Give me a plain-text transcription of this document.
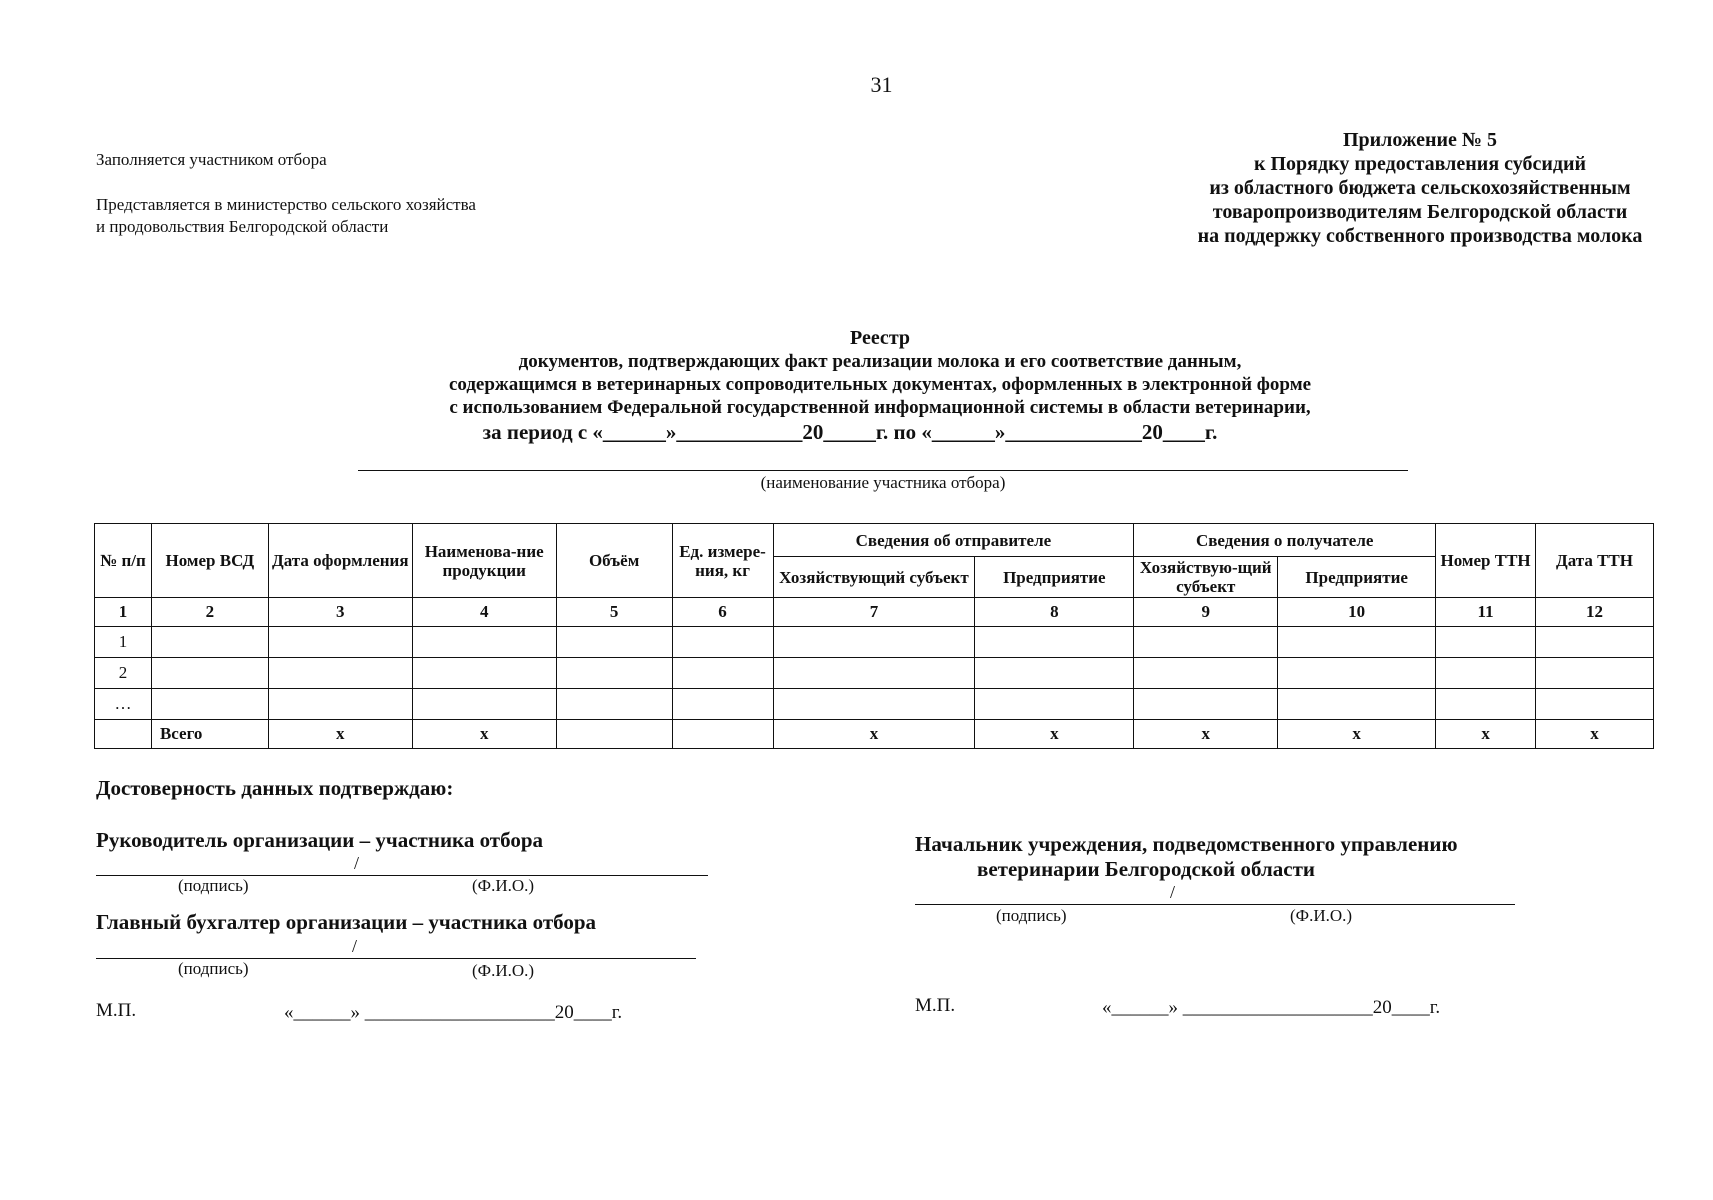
31
Заполняется участником отбора
Представляется в министерство сельского хозяйства
и продовольствия Белгородской области
Приложение № 5
к Порядку предоставления субсидий
из областного бюджета сельскохозяйственным
товаропроизводителям Белгородской области
на поддержку собственного производства молока
Реестр
документов, подтверждающих факт реализации молока и его соответствие данным,
содержащимся в ветеринарных сопроводительных документах, оформленных в электронной форме
с использованием Федеральной государственной информационной системы в области ветеринарии,
за период с «______»____________20_____г. по «______»_____________20____г.
(наименование участника отбора)
№ п/п	Номер ВСД	Дата оформления	Наименова-ние продукции	Объём	Ед. измере-ния, кг	Сведения об отправителе		Сведения о получателе		Номер ТТН	Дата ТТН
						Хозяйствующий субъект	Предприятие	Хозяйствую-щий субъект	Предприятие		
1	2	3	4	5	6	7	8	9	10	11	12
1											
2											
…											
	Всего	х	х			х	х	х	х	х	х
Достоверность данных подтверждаю:
Руководитель организации – участника отбора
/
(подпись)	(Ф.И.О.)
Главный бухгалтер организации – участника отбора
/
(подпись)	(Ф.И.О.)
М.П.	«______» ____________________20____г.
Начальник учреждения, подведомственного управлению
ветеринарии Белгородской области
/
(подпись)	(Ф.И.О.)
М.П.	«______» ____________________20____г.
